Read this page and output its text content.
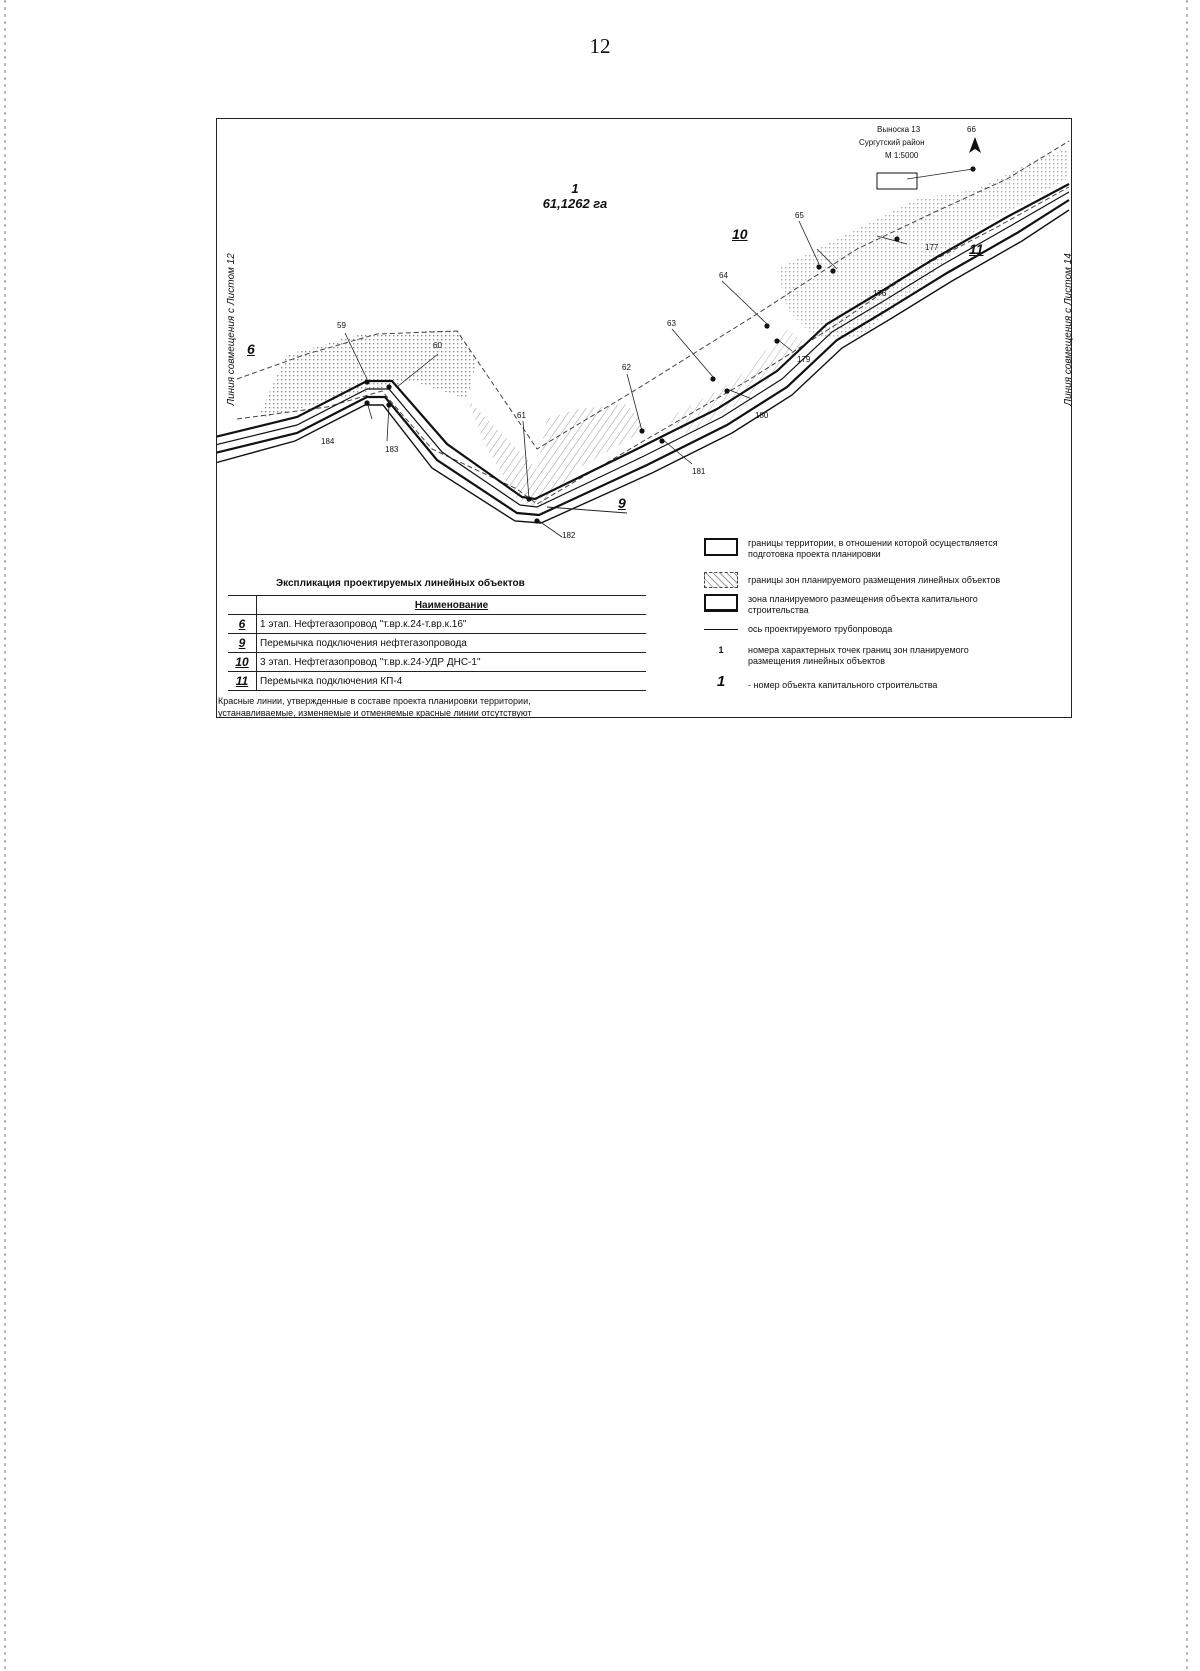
12
Линия совмещения с Листом 12	Линия совмещения с Листом 14
1
61,1262 га
6
9
10
11
Выноска 13
Сургутский район
М 1:5000
59
60
61
62
63
64
65
66
176
177
179
180
181
182
183
184
Экспликация проектируемых линейных объектов
	Наименование
6	1 этап. Нефтегазопровод "т.вр.к.24-т.вр.к.16"
9	Перемычка подключения нефтегазопровода
10	3 этап. Нефтегазопровод "т.вр.к.24-УДР ДНС-1"
11	Перемычка подключения КП-4
Красные линии, утвержденные в составе проекта планировки территории,
устанавливаемые, изменяемые и отменяемые красные линии отсутствуют
границы территории, в отношении которой осуществляется подготовка проекта планировки
границы зон планируемого размещения линейных объектов
зона планируемого размещения объекта капитального строительства
ось проектируемого трубопровода
1	номера характерных точек границ зон планируемого размещения линейных объектов
1	- номер объекта капитального строительства
